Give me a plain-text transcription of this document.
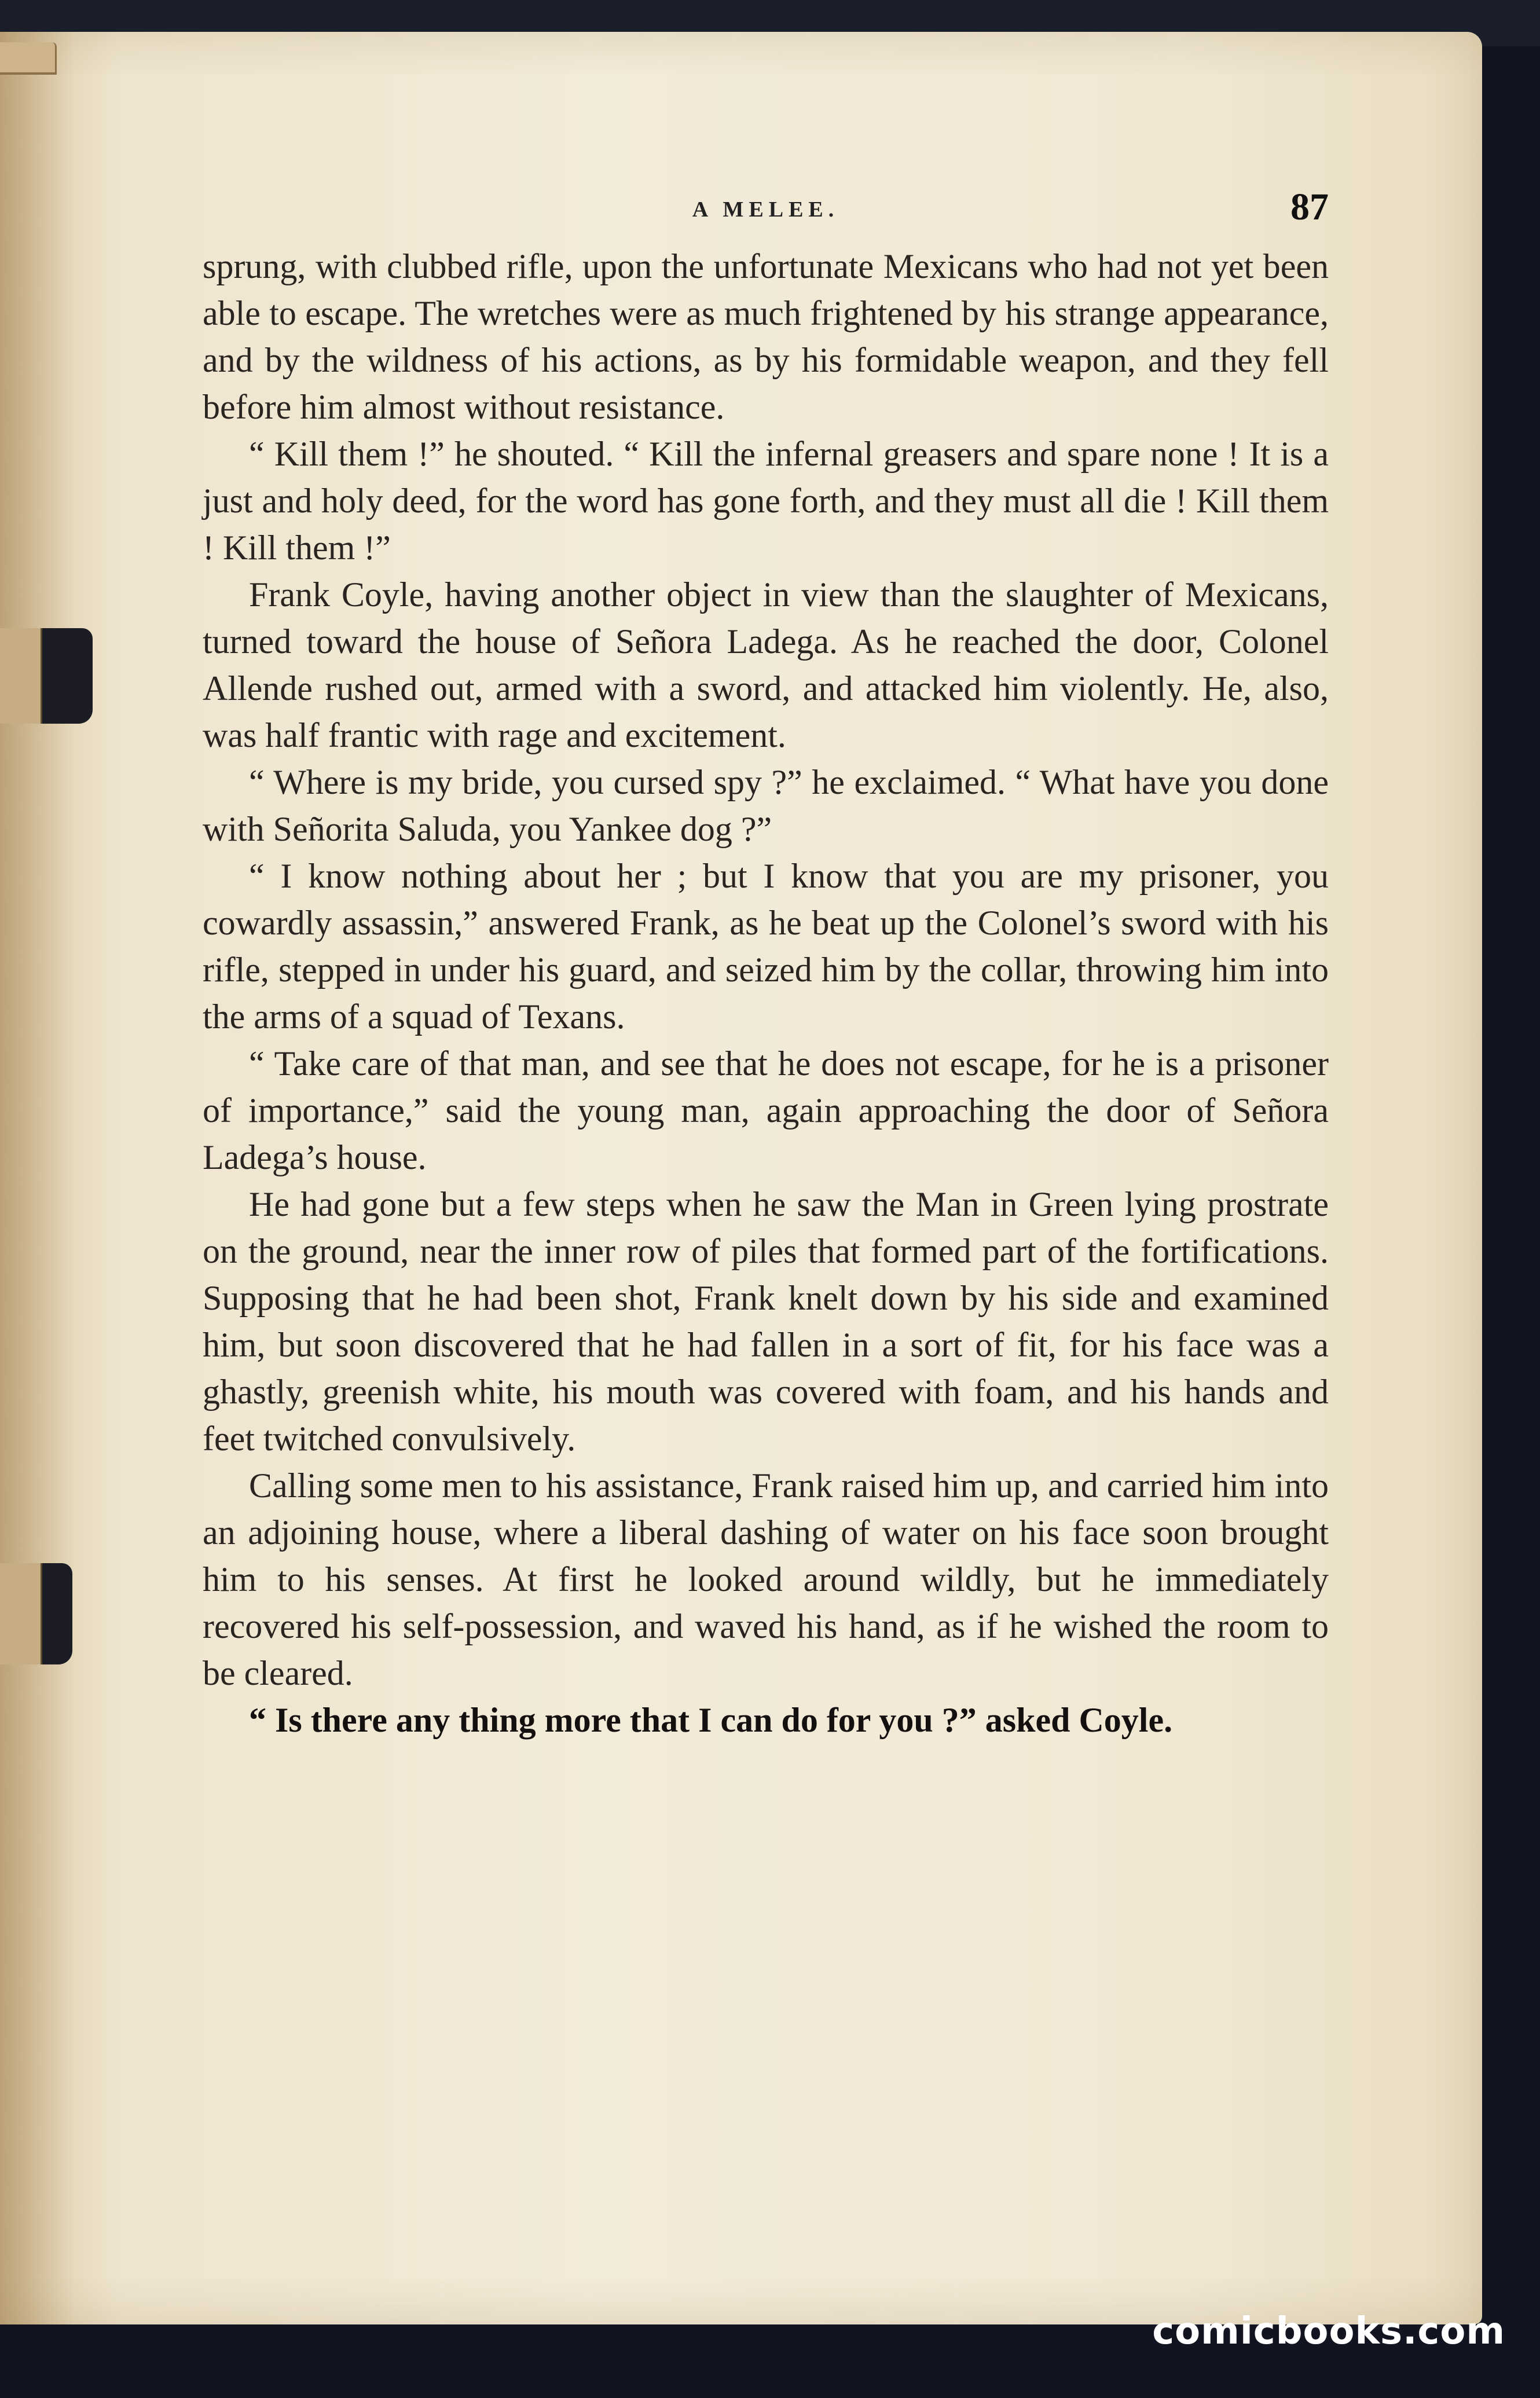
A MELEE.	87

sprung, with clubbed rifle, upon the unfortunate Mexicans who had not yet been able to escape. The wretches were as much frightened by his strange appearance, and by the wildness of his actions, as by his formidable weapon, and they fell before him almost without resistance.

“ Kill them !” he shouted. “ Kill the infernal greasers and spare none ! It is a just and holy deed, for the word has gone forth, and they must all die ! Kill them ! Kill them !”

Frank Coyle, having another object in view than the slaughter of Mexicans, turned toward the house of Señora Ladega. As he reached the door, Colonel Allende rushed out, armed with a sword, and attacked him violently. He, also, was half frantic with rage and excitement.

“ Where is my bride, you cursed spy ?” he exclaimed. “ What have you done with Señorita Saluda, you Yankee dog ?”

“ I know nothing about her ; but I know that you are my prisoner, you cowardly assassin,” answered Frank, as he beat up the Colonel’s sword with his rifle, stepped in under his guard, and seized him by the collar, throwing him into the arms of a squad of Texans.

“ Take care of that man, and see that he does not escape, for he is a prisoner of importance,” said the young man, again approaching the door of Señora Ladega’s house.

He had gone but a few steps when he saw the Man in Green lying prostrate on the ground, near the inner row of piles that formed part of the fortifications. Supposing that he had been shot, Frank knelt down by his side and examined him, but soon discovered that he had fallen in a sort of fit, for his face was a ghastly, greenish white, his mouth was covered with foam, and his hands and feet twitched convulsively.

Calling some men to his assistance, Frank raised him up, and carried him into an adjoining house, where a liberal dashing of water on his face soon brought him to his senses. At first he looked around wildly, but he immediately recovered his self-possession, and waved his hand, as if he wished the room to be cleared.

“ Is there any thing more that I can do for you ?” asked Coyle.

comicbooks.com
